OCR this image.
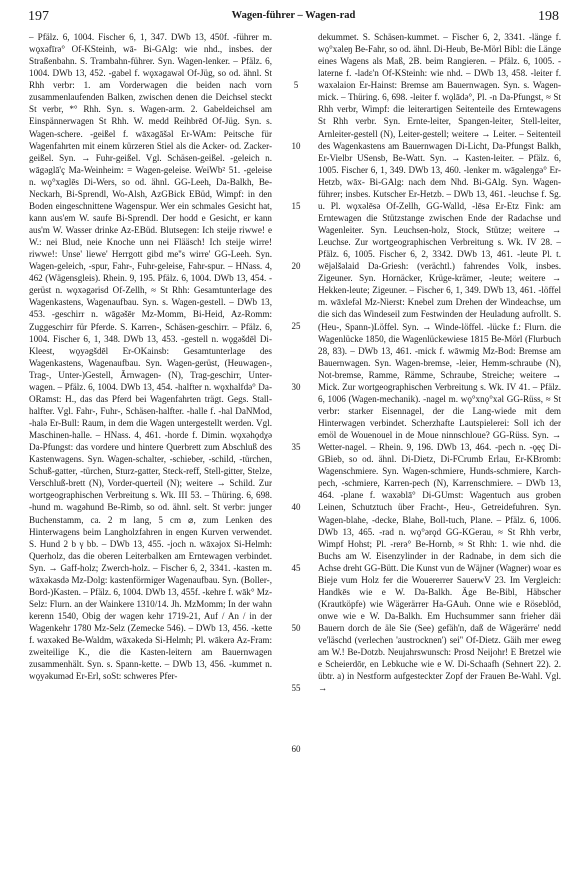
197	Wagen-führer – Wagen-rad	198

– Pfälz. 6, 1004. Fischer 6, 1, 347. DWb 13, 450f. -führer m. wǫxəfīrə° Of-KSteinh, wā- Bi-GAlg: wie nhd., insbes. der Straßenbahn. S. Trambahn-führer. Syn. Wagen-lenker. – Pfälz. 6, 1004. DWb 13, 452. -gabel f. wǫxəgawəl Of-Jüg, so od. ähnl. St Rhh verbr: 1. am Vorderwagen die beiden nach vorn zusammenlaufenden Balken, zwischen denen die Deichsel steckt St verbr, *° Rhh. Syn. s. Wagen-arm. 2. Gabeldeichsel am Einspännerwagen St Rhh. W. medd Reihbrēd Of-Jüg. Syn. s. Wagen-schere. -geißel f. wāxəgāšəl Er-WAm: Peitsche für Wagenfahrten mit einem kürzeren Stiel als die Acker- od. Zacker-geißel. Syn. → Fuhr-geißel. Vgl. Schäsen-geißel. -geleich n. wāgəglā'ç Ma-Weinheim: = Wagen-geleise. WeiWb² 51. -geleise n. wǫ°xəglēs Di-Wers, so od. ähnl. GG-Leeh, Da-Balkh, Be-Neckarh, Bi-Sprendl, Wo-Alsh, AzGBick EBüd, Wimpf: in den Boden eingeschnittene Wagenspur. Wer ein schmales Gesicht hat, kann aus'em W. saufe Bi-Sprendl. Der hodd e Gesicht, er kann aus'm W. Wasser drinke Az-EBüd. Blutsegen: Ich steije riwwe! e W.: nei Blud, neie Knoche unn nei Flääsch! Ich steije wirre! riwwe!: Unse' liewe' Herrgott gibd me''s wirre' GG-Leeh. Syn. Wagen-geleich, -spur, Fahr-, Fuhr-geleise, Fahr-spur. – HNass. 4, 462 (Wägensgleis). Rhein. 9, 195. Pfälz. 6, 1004. DWb 13, 454. -gerüst n. wǫxəgərisd Of-Zellh, ≈ St Rhh: Gesamtunterlage des Wagenkastens, Wagenaufbau. Syn. s. Wagen-gestell. – DWb 13, 453. -geschirr n. wāgəšēr Mz-Momm, Bi-Heid, Az-Romm: Zuggeschirr für Pferde. S. Karren-, Schäsen-geschirr. – Pfälz. 6, 1004. Fischer 6, 1, 348. DWb 13, 453. -gestell n. wǫgəšdēl Di-Kleest, wǫyəgšdēl Er-OKainsb: Gesamtunterlage des Wagenkastens, Wagenaufbau. Syn. Wagen-gerüst, (Heuwagen-, Trag-, Unter-)Gestell, Ārnwagen- (N), Trag-geschirr, Unter-wagen. – Pfälz. 6, 1004. DWb 13, 454. -halfter n. wǫxhalfdə° Da-ORamst: H., das das Pferd bei Wagenfahrten trägt. Gegs. Stall-halfter. Vgl. Fahr-, Fuhr-, Schäsen-halfter. -halle f. -hal DaNMod, -halə Er-Bull: Raum, in dem die Wagen untergestellt werden. Vgl. Maschinen-halle. – HNass. 4, 461. -horde f. Dimin. wǫxəhǫdχə Da-Pfungst: das vordere und hintere Querbrett zum Abschluß des Kastenwagens. Syn. Wagen-schalter, -schieber, -schild, -türchen, Schuß-gatter, -türchen, Sturz-gatter, Steck-reff, Stell-gitter, Stelze, Verschluß-brett (N), Vorder-querteil (N); weitere → Schild. Zur wortgeographischen Verbreitung s. Wk. III 53. – Thüring. 6, 698. -hund m. wagəhund Be-Rimb, so od. ähnl. selt. St verbr: junger Buchenstamm, ca. 2 m lang, 5 cm ⌀, zum Lenken des Hinterwagens beim Langholzfahren in engen Kurven verwendet. S. Hund 2 b γ bb. – DWb 13, 455. -joch n. wāxəjox Si-Helmh: Querholz, das die oberen Leiterbalken am Erntewagen verbindet. Syn. → Gaff-holz; Zwerch-holz. – Fischer 6, 2, 3341. -kasten m. wāxəkasdə Mz-Dolg: kastenförmiger Wagenaufbau. Syn. (Boller-, Bord-)Kasten. – Pfälz. 6, 1004. DWb 13, 455f. -kehre f. wāk° Mz-Selz: Flurn. an der Wainkere 1310/14. Jh. MzMomm; In der wahn kerenn 1540, Obig der wagen kehr 1719-21, Auf / An / in der Wagenkehr 1780 Mz-Selz (Zemecke 546). – DWb 13, 456. -kette f. waxəked Be-Waldm, wāxəkedə Si-Helmh; Pl. wākerə Az-Fram: zweiteilige K., die die Kasten-leitern am Bauernwagen zusammenhält. Syn. s. Spann-kette. – DWb 13, 456. -kummet n. wǫyəkumәd Er-Erl, soSt: schweres Pfer-

5
10
15
20
25
30
35
40
45
50
55
60

dekummet. S. Schäsen-kummet. – Fischer 6, 2, 3341. -länge f. wǫ°xəleŋ Be-Fahr, so od. ähnl. Di-Heub, Be-Mörl Bibl: die Länge eines Wagens als Maß, 2B. beim Rangieren. – Pfälz. 6, 1005. -laterne f. -ladɛ'n Of-KSteinh: wie nhd. – DWb 13, 458. -leiter f. waxəlaion Er-Hainst: Bremse am Bauernwagen. Syn. s. Wagen-mick. – Thüring. 6, 698. -leiter f. wǫlādə°, Pl. -n Da-Pfungst, ≈ St Rhh verbr, Wimpf: die leiterartigen Seitenteile des Erntewagens St Rhh verbr. Syn. Ernte-leiter, Spangen-leiter, Stell-leiter, Arnleiter-gestell (N), Leiter-gestell; weitere → Leiter. – Seitenteil des Wagenkastens am Bauernwagen Di-Licht, Da-Pfungst Balkh, Er-Vielbr USensb, Be-Watt. Syn. → Kasten-leiter. – Pfälz. 6, 1005. Fischer 6, 1, 349. DWb 13, 460. -lenker m. wāgəleŋgə° Er-Hetzb, wāx- Bi-GAlg: nach dem Nhd. Bi-GAlg. Syn. Wagen-führer; insbes. Kutscher Er-Hetzb. – DWb 13, 461. -leuchse f. Sg. u. Pl. wǫxəlēsə Of-Zellh, GG-Walld, -lēsə Er-Etz Fink: am Erntewagen die Stützstange zwischen Ende der Radachse und Wagenleiter. Syn. Leuchsen-holz, Stock, Stütze; weitere → Leuchse. Zur wortgeographischen Verbreitung s. Wk. IV 28. – Pfälz. 6, 1005. Fischer 6, 2, 3342. DWb 13, 461. -leute Pl. t. wējəlšəlaid Da-Griesh: (verächtl.) fahrendes Volk, insbes. Zigeuner. Syn. Hornäcker, Krüge-krämer, -leute; weitere → Hekken-leute; Zigeuner. – Fischer 6, 1, 349. DWb 13, 461. -löffel m. wāxlefəl Mz-Nierst: Knebel zum Drehen der Windeachse, um die sich das Windeseil zum Festwinden der Heuladung aufrollt. S. (Heu-, Spann-)Löffel. Syn. → Winde-löffel. -lücke f.: Flurn. die Wagenlücke 1850, die Wagenlückewiese 1815 Be-Mörl (Flurbuch 28, 83). – DWb 13, 461. -mick f. wāwmig Mz-Bod: Bremse am Bauernwagen. Syn. Wagen-bremse, -leier, Hemm-schraube (N), Not-bremse, Ramme, Rämme, Schraube, Streiche; weitere → Mick. Zur wortgeographischen Verbreitung s. Wk. IV 41. – Pfälz. 6, 1006 (Wagen-mechanik). -nagel m. wǫ°xnǫ°xəl GG-Rüss, ≈ St verbr: starker Eisennagel, der die Lang-wiede mit dem Hinterwagen verbindet. Scherzhafte Lautspielerei: Soll ich der emöl de Wouenouel in de Moue ninnschloue? GG-Rüss. Syn. → Wetter-nagel. – Rhein. 9, 196. DWb 13, 464. -pech n. -ǫęç Di-GBieb, so od. ähnl. Di-Dietz, Di-FCrumb Erlau, Er-KBromb: Wagenschmiere. Syn. Wagen-schmiere, Hunds-schmiere, Karch-pech, -schmiere, Karren-pech (N), Karrenschmiere. – DWb 13, 464. -plane f. waxəblā° Di-GUmst: Wagentuch aus groben Leinen, Schutztuch über Fracht-, Heu-, Getreidefuhren. Syn. Wagen-blahe, -decke, Blahe, Boll-tuch, Plane. – Pfälz. 6, 1006. DWb 13, 465. -rad n. wǫ°ərǫd GG-KGerau, ≈ St Rhh verbr, Wimpf Hohst; Pl. -rerə° Be-Hornb, ≈ St Rhh: 1. wie nhd. die Buchs am W. Eisenzylinder in der Radnabe, in dem sich die Achse dreht GG-Bütt. Die Kunst vun de Wäjner (Wagner) woar es Bieje vum Holz fer die Wouererrer SauerwV 23. Im Vergleich: Handkēs wie e W. Da-Balkh. Äge Be-Bibl, Häbscher (Krautköpfe) wie Wägerärrer Ha-GAuh. Onne wie e Röseblöd, onwe wie e W. Da-Balkh. Em Huchsummer sann frieher däi Bauern dorch de äle Sie (See) gefäh'n, daß de Wägerärre' nedd ve'läschd (verlechen 'austrocknen') sei'' Of-Dietz. Gäih mer eweg am W.! Be-Dotzb. Neujahrswunsch: Prosd Neijohr! E Bretzel wie e Scheierdōr, en Lebkuche wie e W. Di-Schaafh (Sehnert 22). 2. übtr. a) in Nestform aufgesteckter Zopf der Frauen Be-Wahl. Vgl. →
